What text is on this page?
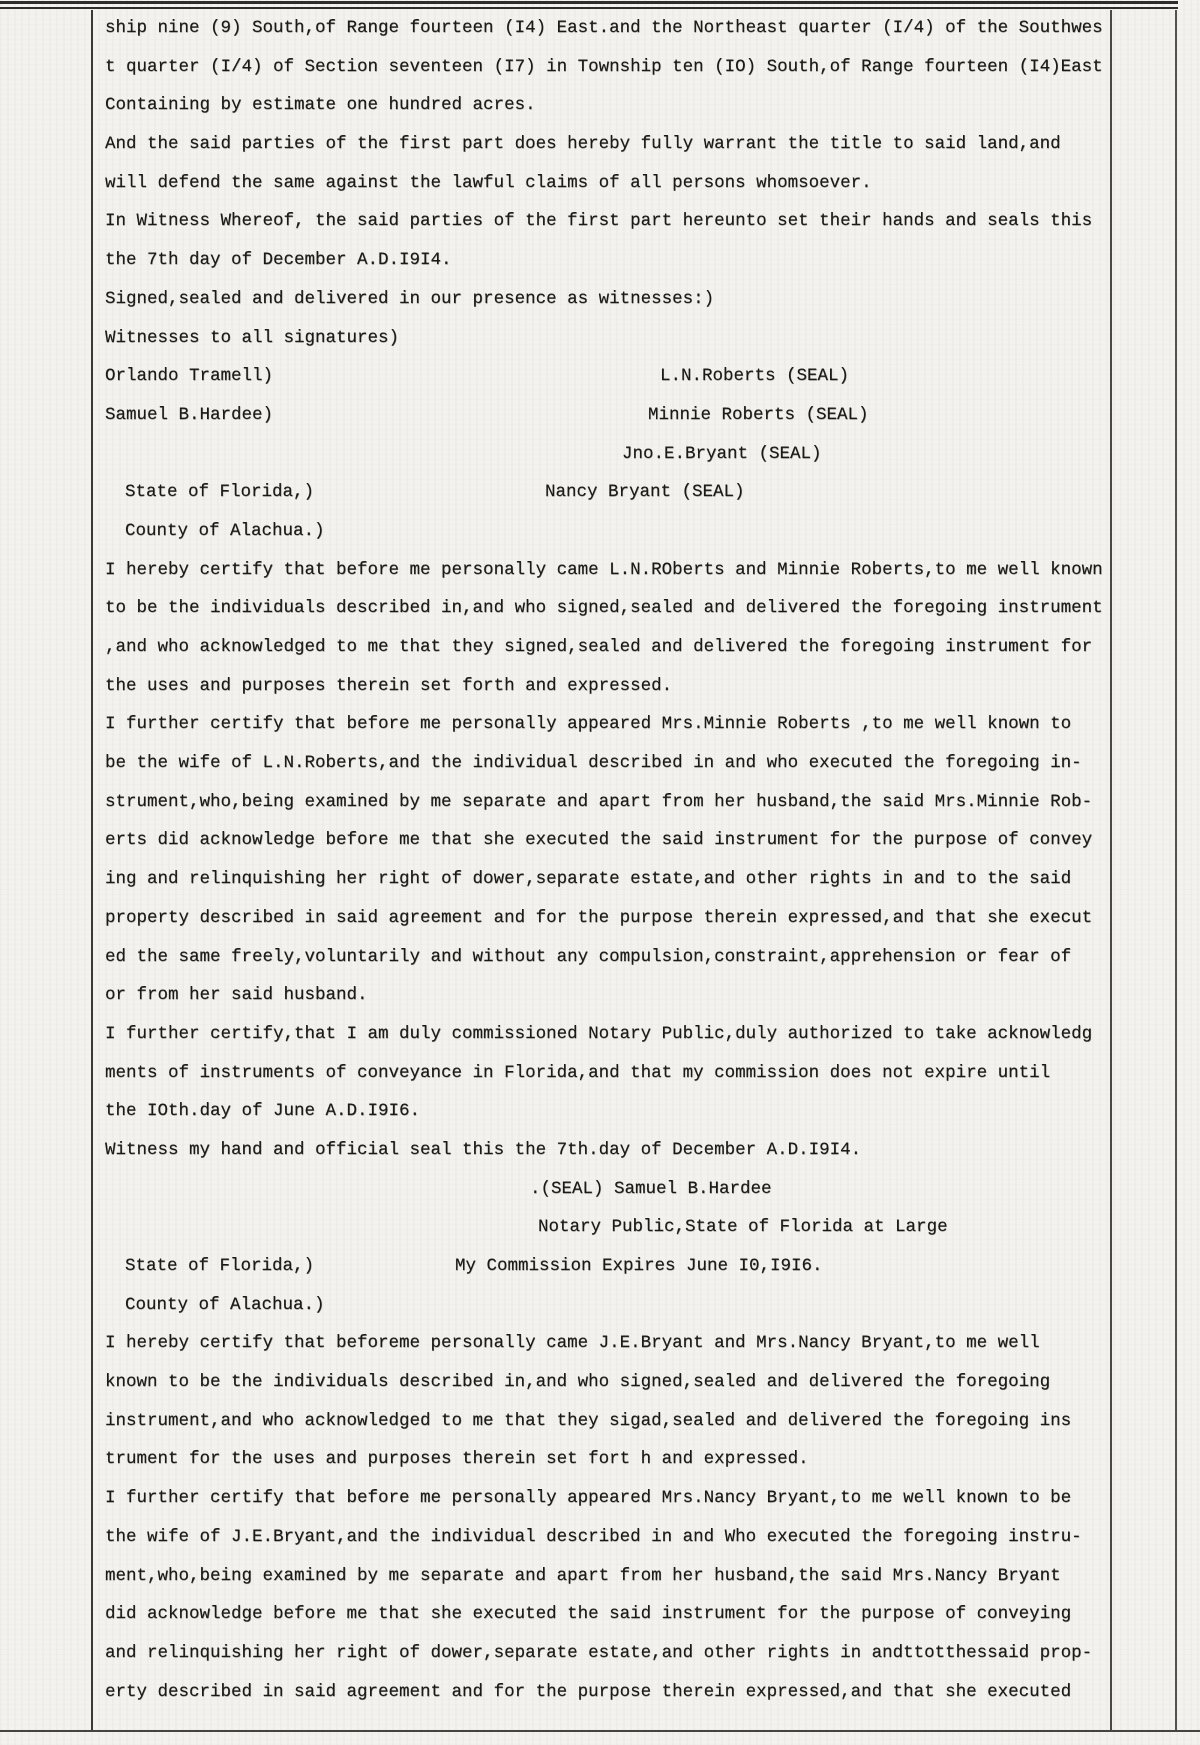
ship nine (9) South,of Range fourteen (I4) East.and the Northeast quarter (I/4) of the Southwes
t quarter (I/4) of Section seventeen (I7) in Township ten (IO) South,of Range fourteen (I4)East
Containing by estimate one hundred acres.
And the said parties of the first part does hereby fully warrant the title to said land,and
will defend the same against the lawful claims of all persons whomsoever.
In Witness Whereof, the said parties of the first part hereunto set their hands and seals this
the 7th day of December A.D.I9I4.
Signed,sealed and delivered in our presence as witnesses:)
Witnesses to all signatures)
Orlando Tramell)	L.N.Roberts (SEAL)
Samuel B.Hardee)	Minnie Roberts (SEAL)
Jno.E.Bryant (SEAL)
State of Florida,)	Nancy Bryant (SEAL)
County of Alachua.)
I hereby certify that before me personally came L.N.ROberts and Minnie Roberts,to me well known
to be the individuals described in,and who signed,sealed and delivered the foregoing instrument
,and who acknowledged to me that they signed,sealed and delivered the foregoing instrument for
the uses and purposes therein set forth and expressed.
I further certify that before me personally appeared Mrs.Minnie Roberts ,to me well known to
be the wife of L.N.Roberts,and the individual described in and who executed the foregoing in-
strument,who,being examined by me separate and apart from her husband,the said Mrs.Minnie Rob-
erts did acknowledge before me that she executed the said instrument for the purpose of convey
ing and relinquishing her right of dower,separate estate,and other rights in and to the said
property described in said agreement and for the purpose therein expressed,and that she execut
ed the same freely,voluntarily and without any compulsion,constraint,apprehension or fear of
or from her said husband.
I further certify,that I am duly commissioned Notary Public,duly authorized to take acknowledg
ments of instruments of conveyance in Florida,and that my commission does not expire until
the IOth.day of June A.D.I9I6.
Witness my hand and official seal this the 7th.day of December A.D.I9I4.
.(SEAL) Samuel B.Hardee
Notary Public,State of Florida at Large
State of Florida,)	My Commission Expires June I0,I9I6.
County of Alachua.)
I hereby certify that beforeme personally came J.E.Bryant and Mrs.Nancy Bryant,to me well
known to be the individuals described in,and who signed,sealed and delivered the foregoing
instrument,and who acknowledged to me that they sigad,sealed and delivered the foregoing ins
trument for the uses and purposes therein set fort h and expressed.
I further certify that before me personally appeared Mrs.Nancy Bryant,to me well known to be
the wife of J.E.Bryant,and the individual described in and Who executed the foregoing instru-
ment,who,being examined by me separate and apart from her husband,the said Mrs.Nancy Bryant
did acknowledge before me that she executed the said instrument for the purpose of conveying
and relinquishing her right of dower,separate estate,and other rights in andttotthessaid prop-
erty described in said agreement and for the purpose therein expressed,and that she executed
